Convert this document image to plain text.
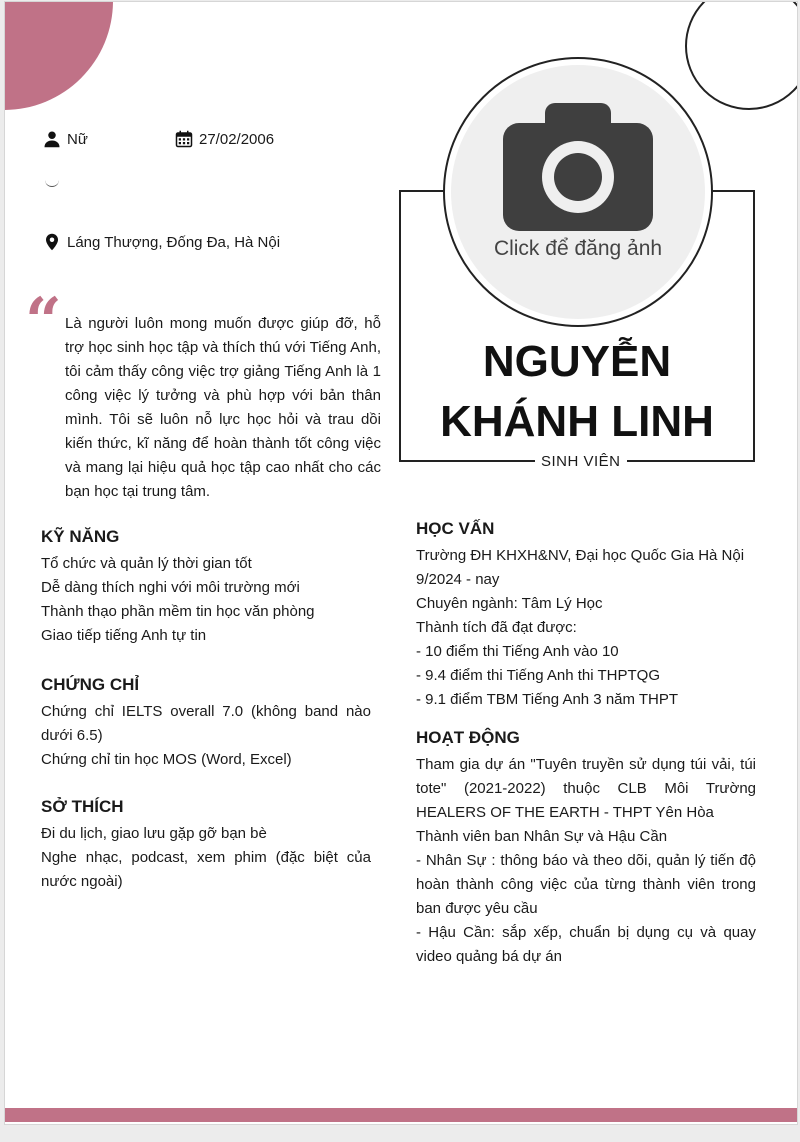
Nữ	27/02/2006
Láng Thượng, Đống Đa, Hà Nội
“ Là người luôn mong muốn được giúp đỡ, hỗ trợ học sinh học tập và thích thú với Tiếng Anh, tôi cảm thấy công việc trợ giảng Tiếng Anh là 1 công việc lý tưởng và phù hợp với bản thân mình. Tôi sẽ luôn nỗ lực học hỏi và trau dồi kiến thức, kĩ năng để hoàn thành tốt công việc và mang lại hiệu quả học tập cao nhất cho các bạn học tại trung tâm.
NGUYỄN
KHÁNH LINH
SINH VIÊN
Click để đăng ảnh
KỸ NĂNG
Tổ chức và quản lý thời gian tốt
Dễ dàng thích nghi với môi trường mới
Thành thạo phần mềm tin học văn phòng
Giao tiếp tiếng Anh tự tin
CHỨNG CHỈ
Chứng chỉ IELTS overall 7.0 (không band nào dưới 6.5)
Chứng chỉ tin học MOS (Word, Excel)
SỞ THÍCH
Đi du lịch, giao lưu gặp gỡ bạn bè
Nghe nhạc, podcast, xem phim (đặc biệt của nước ngoài)
HỌC VẤN
Trường ĐH KHXH&NV, Đại học Quốc Gia Hà Nội
9/2024 - nay
Chuyên ngành: Tâm Lý Học
Thành tích đã đạt được:
- 10 điểm thi Tiếng Anh vào 10
- 9.4 điểm thi Tiếng Anh thi THPTQG
- 9.1 điểm TBM Tiếng Anh 3 năm THPT
HOẠT ĐỘNG
Tham gia dự án "Tuyên truyền sử dụng túi vải, túi tote" (2021-2022) thuộc CLB Môi Trường HEALERS OF THE EARTH - THPT Yên Hòa
Thành viên ban Nhân Sự và Hậu Cần
- Nhân Sự : thông báo và theo dõi, quản lý tiến độ hoàn thành công việc của từng thành viên trong ban được yêu cầu
- Hậu Cần: sắp xếp, chuẩn bị dụng cụ và quay video quảng bá dự án
